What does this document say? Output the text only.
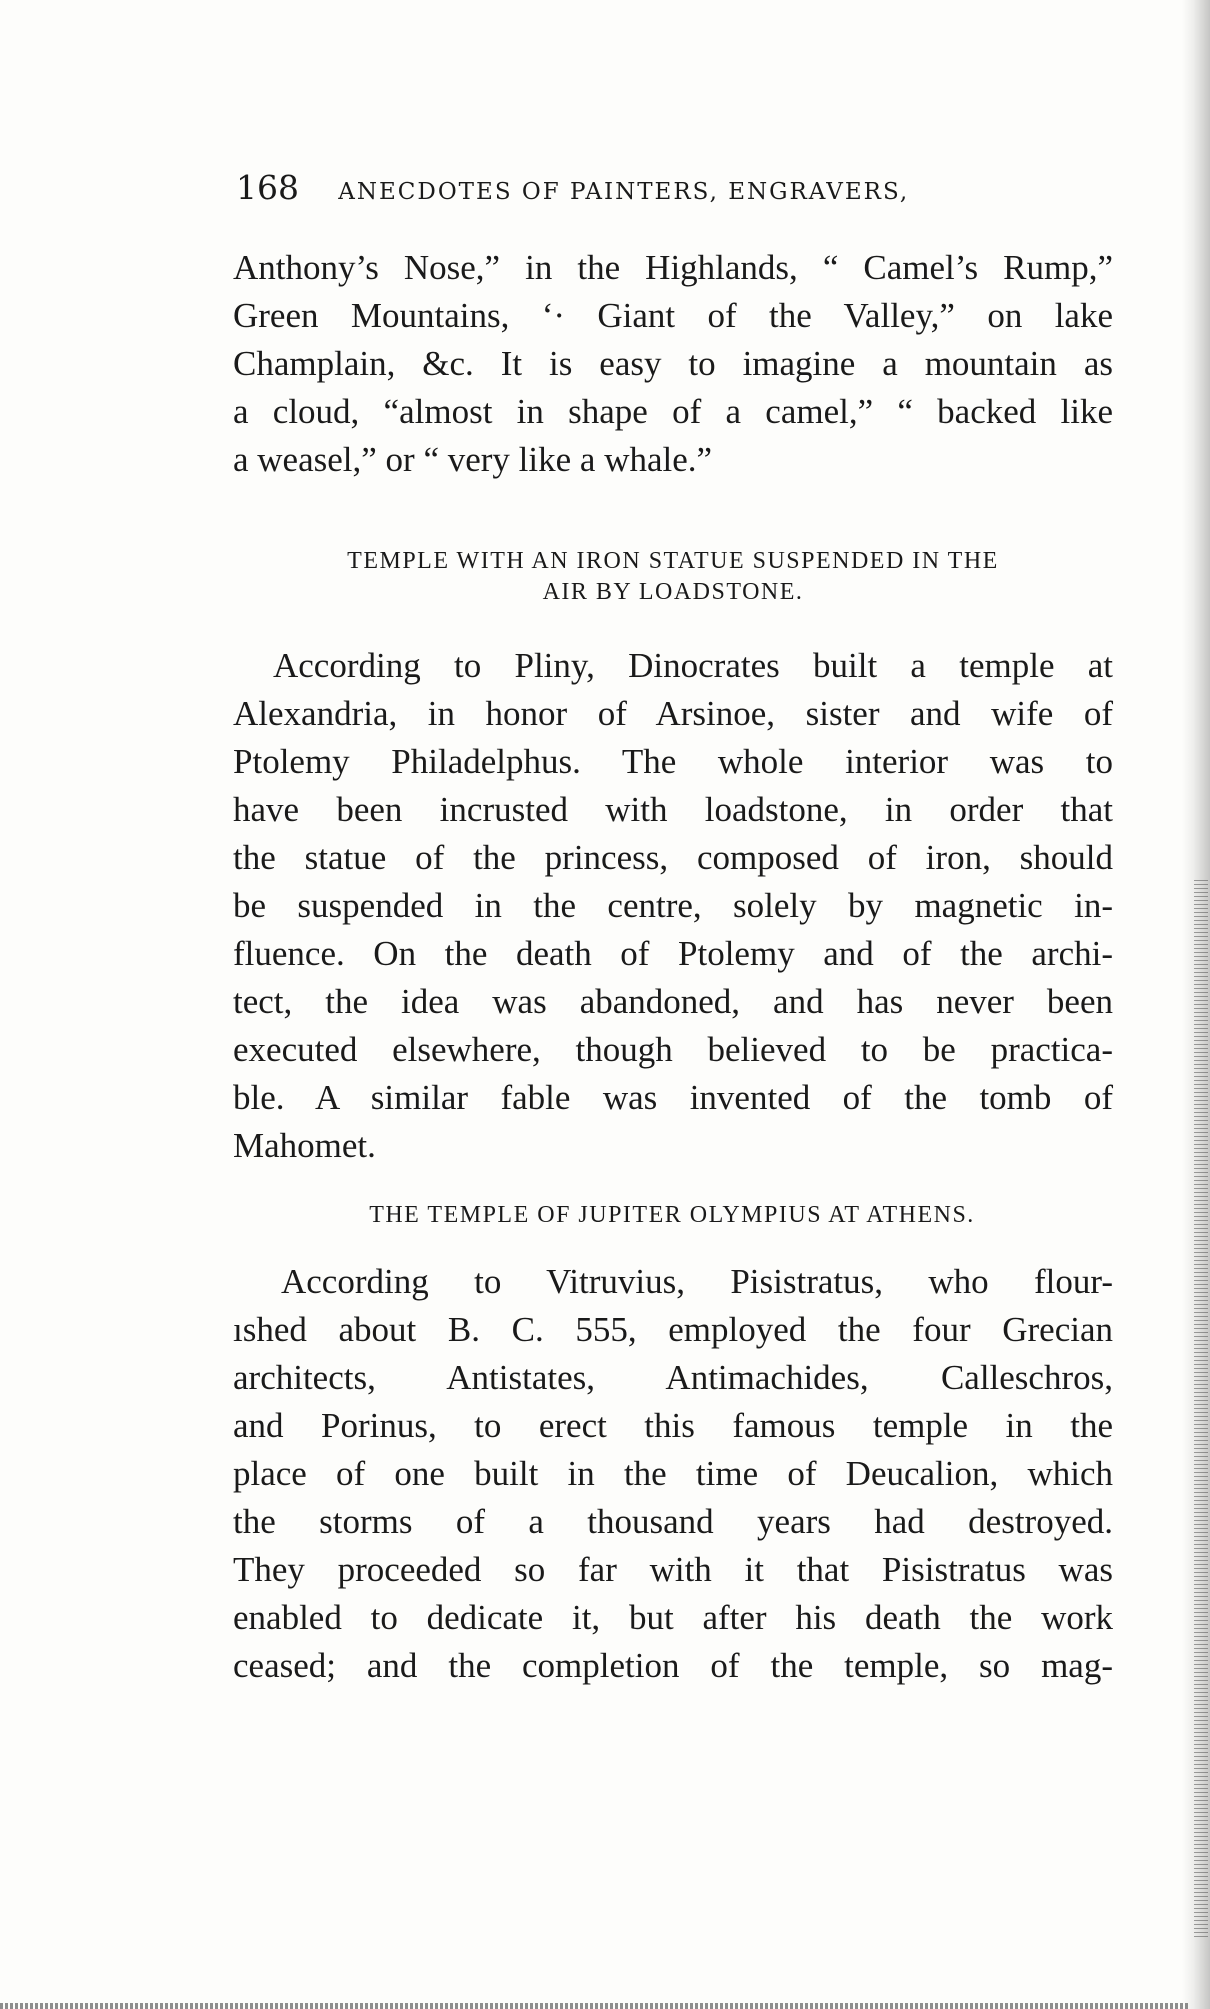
168 ANECDOTES OF PAINTERS, ENGRAVERS,
Anthony’s Nose,” in the Highlands, “ Camel’s Rump,”
Green Mountains, ‘· Giant of the Valley,” on lake
Champlain, &c. It is easy to imagine a mountain as
a cloud, “almost in shape of a camel,” “ backed like
a weasel,” or “ very like a whale.”
TEMPLE WITH AN IRON STATUE SUSPENDED IN THE
AIR BY LOADSTONE.
According to Pliny, Dinocrates built a temple at
Alexandria, in honor of Arsinoe, sister and wife of
Ptolemy Philadelphus. The whole interior was to
have been incrusted with loadstone, in order that
the statue of the princess, composed of iron, should
be suspended in the centre, solely by magnetic in-
fluence. On the death of Ptolemy and of the archi-
tect, the idea was abandoned, and has never been
executed elsewhere, though believed to be practica-
ble. A similar fable was invented of the tomb of
Mahomet.
THE TEMPLE OF JUPITER OLYMPIUS AT ATHENS.
According to Vitruvius, Pisistratus, who flour-
ıshed about B. C. 555, employed the four Grecian
architects, Antistates, Antimachides, Calleschros,
and Porinus, to erect this famous temple in the
place of one built in the time of Deucalion, which
the storms of a thousand years had destroyed.
They proceeded so far with it that Pisistratus was
enabled to dedicate it, but after his death the work
ceased; and the completion of the temple, so mag-
